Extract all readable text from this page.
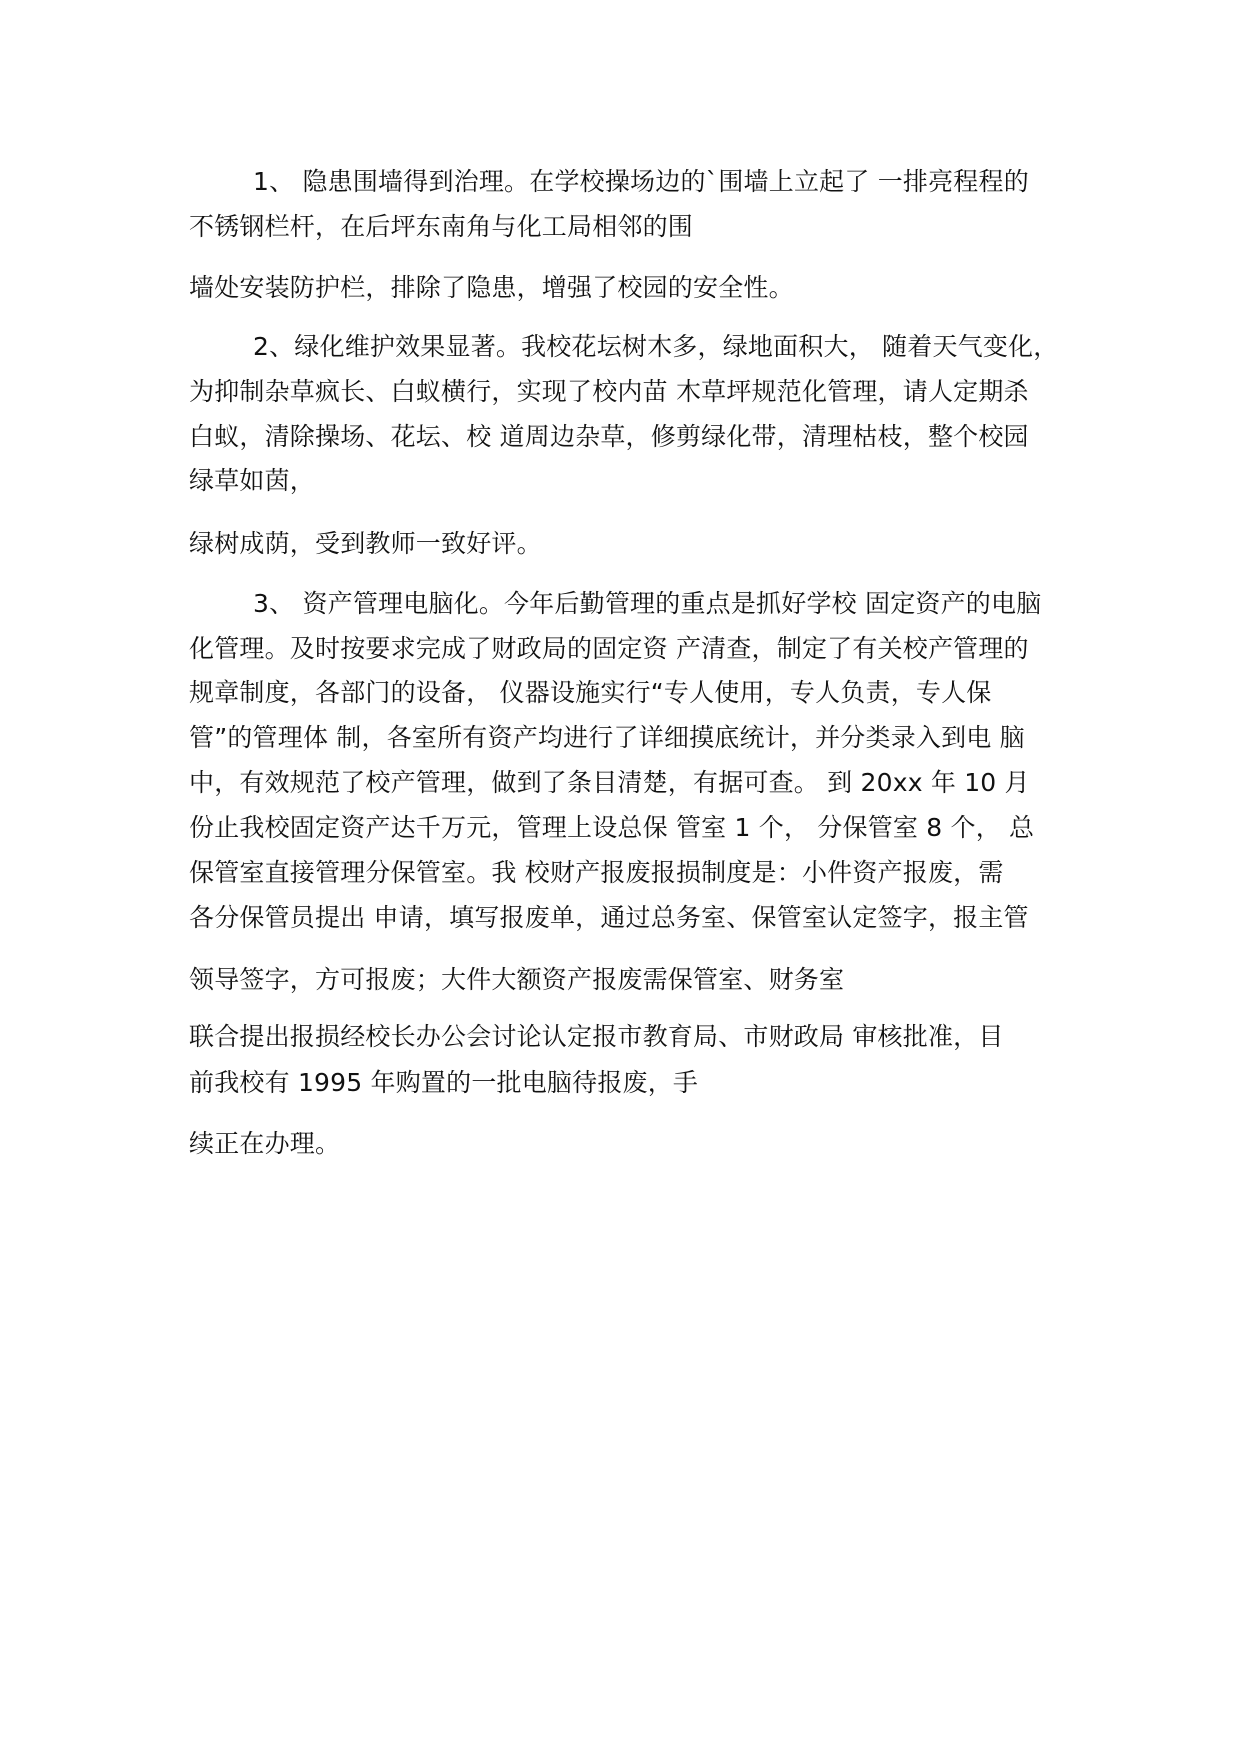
1、 隐患围墙得到治理。在学校操场边的`围墙上立起了 一排亮程程的
不锈钢栏杆，在后坪东南角与化工局相邻的围
墙处安装防护栏，排除了隐患，增强了校园的安全性。
2、绿化维护效果显著。我校花坛树木多，绿地面积大， 随着天气变化，
为抑制杂草疯长、白蚁横行，实现了校内苗 木草坪规范化管理，请人定期杀
白蚁，清除操场、花坛、校 道周边杂草，修剪绿化带，清理枯枝，整个校园
绿草如茵，
绿树成荫，受到教师一致好评。
3、 资产管理电脑化。今年后勤管理的重点是抓好学校 固定资产的电脑
化管理。及时按要求完成了财政局的固定资 产清查，制定了有关校产管理的
规章制度，各部门的设备， 仪器设施实行“专人使用，专人负责，专人保
管”的管理体 制，各室所有资产均进行了详细摸底统计，并分类录入到电 脑
中，有效规范了校产管理，做到了条目清楚，有据可查。 到 20xx 年 10 月
份止我校固定资产达千万元，管理上设总保 管室 1 个， 分保管室 8 个， 总
保管室直接管理分保管室。我 校财产报废报损制度是：小件资产报废，需
各分保管员提出 申请，填写报废单，通过总务室、保管室认定签字，报主管
领导签字，方可报废；大件大额资产报废需保管室、财务室
联合提出报损经校长办公会讨论认定报市教育局、市财政局 审核批准，目
前我校有 1995 年购置的一批电脑待报废，手
续正在办理。
